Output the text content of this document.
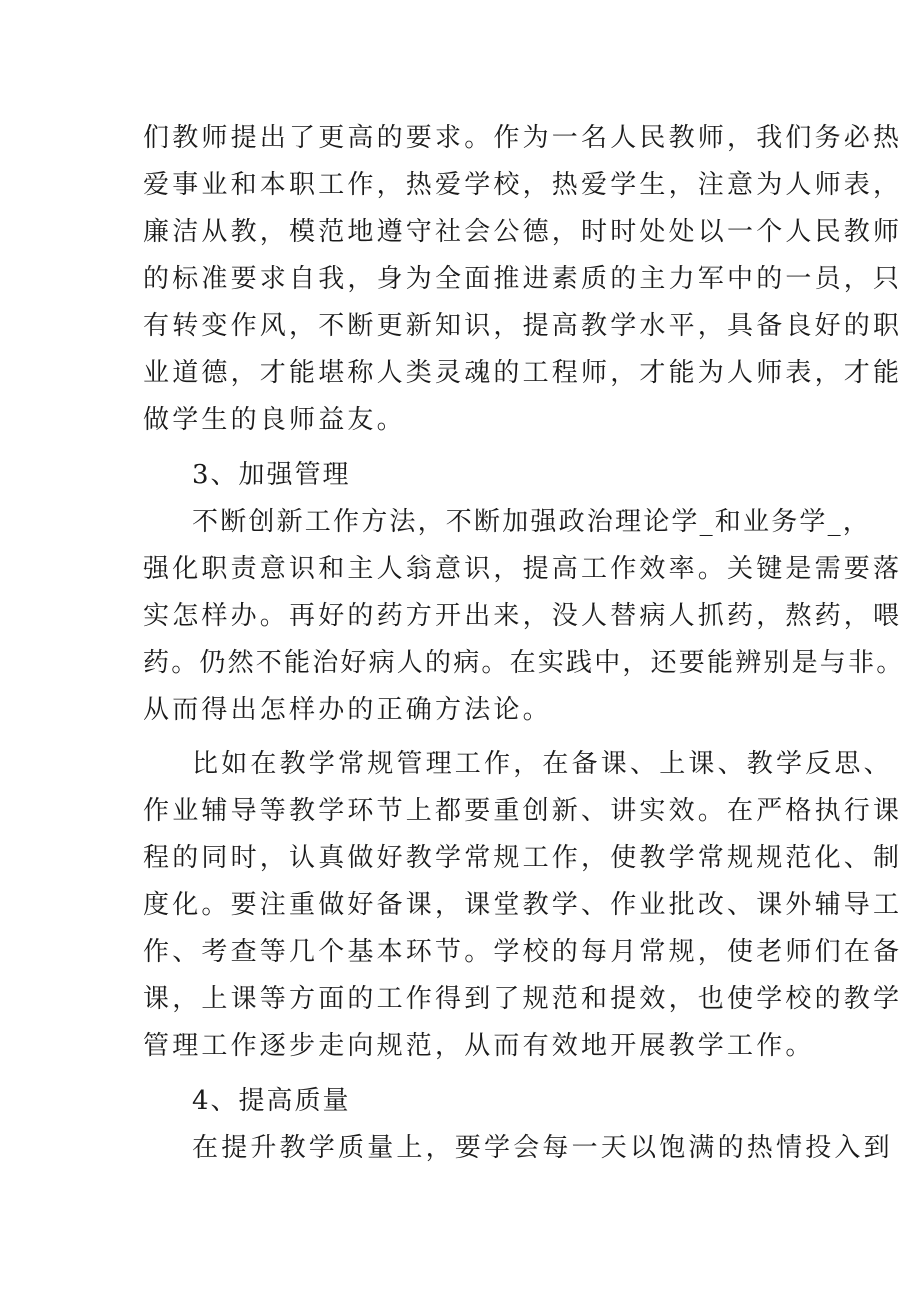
们教师提出了更高的要求。作为一名人民教师，我们务必热
爱事业和本职工作，热爱学校，热爱学生，注意为人师表，
廉洁从教，模范地遵守社会公德，时时处处以一个人民教师
的标准要求自我，身为全面推进素质的主力军中的一员，只
有转变作风，不断更新知识，提高教学水平，具备良好的职
业道德，才能堪称人类灵魂的工程师，才能为人师表，才能
做学生的良师益友。
3、加强管理
不断创新工作方法，不断加强政治理论学_和业务学_，
强化职责意识和主人翁意识，提高工作效率。关键是需要落
实怎样办。再好的药方开出来，没人替病人抓药，熬药，喂
药。仍然不能治好病人的病。在实践中，还要能辨别是与非。
从而得出怎样办的正确方法论。
比如在教学常规管理工作，在备课、上课、教学反思、
作业辅导等教学环节上都要重创新、讲实效。在严格执行课
程的同时，认真做好教学常规工作，使教学常规规范化、制
度化。要注重做好备课，课堂教学、作业批改、课外辅导工
作、考查等几个基本环节。学校的每月常规，使老师们在备
课，上课等方面的工作得到了规范和提效，也使学校的教学
管理工作逐步走向规范，从而有效地开展教学工作。
4、提高质量
在提升教学质量上，要学会每一天以饱满的热情投入到
